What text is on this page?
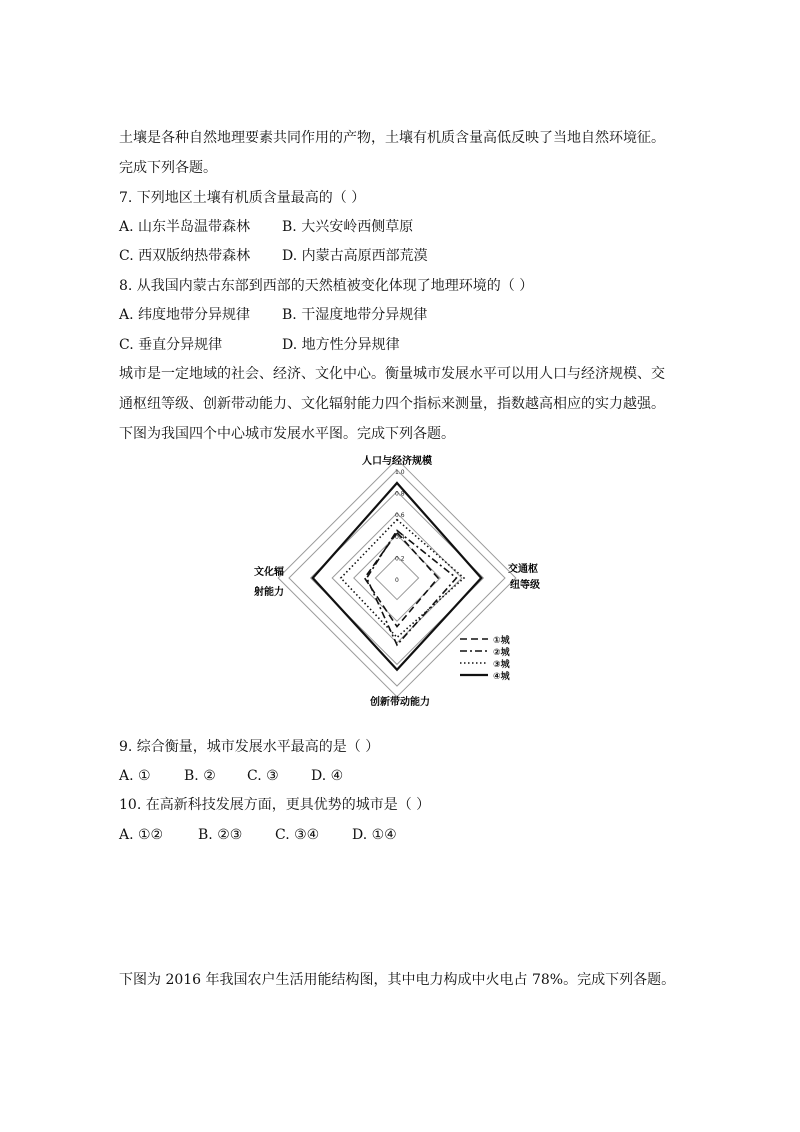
土壤是各种自然地理要素共同作用的产物，土壤有机质含量高低反映了当地自然环境征。
完成下列各题。
7. 下列地区土壤有机质含量最高的（ ）
A. 山东半岛温带森林 B. 大兴安岭西侧草原
C. 西双版纳热带森林 D. 内蒙古高原西部荒漠
8. 从我国内蒙古东部到西部的天然植被变化体现了地理环境的（ ）
A. 纬度地带分异规律 B. 干湿度地带分异规律
C. 垂直分异规律	D. 地方性分异规律
城市是一定地域的社会、经济、文化中心。衡量城市发展水平可以用人口与经济规模、交
通枢纽等级、创新带动能力、文化辐射能力四个指标来测量，指数越高相应的实力越强。
下图为我国四个中心城市发展水平图。完成下列各题。
0
0.2
0.4
0.6
0.8
1.0
人口与经济规模
交通枢
纽等级
创新带动能力
文化辐
射能力
①城
②城
③城
④城
9. 综合衡量，城市发展水平最高的是（ ）
A. ① B. ② C. ③ D. ④
10. 在高新科技发展方面，更具优势的城市是（ ）
A. ①② B. ②③ C. ③④ D. ①④
下图为 2016 年我国农户生活用能结构图，其中电力构成中火电占 78%。完成下列各题。
